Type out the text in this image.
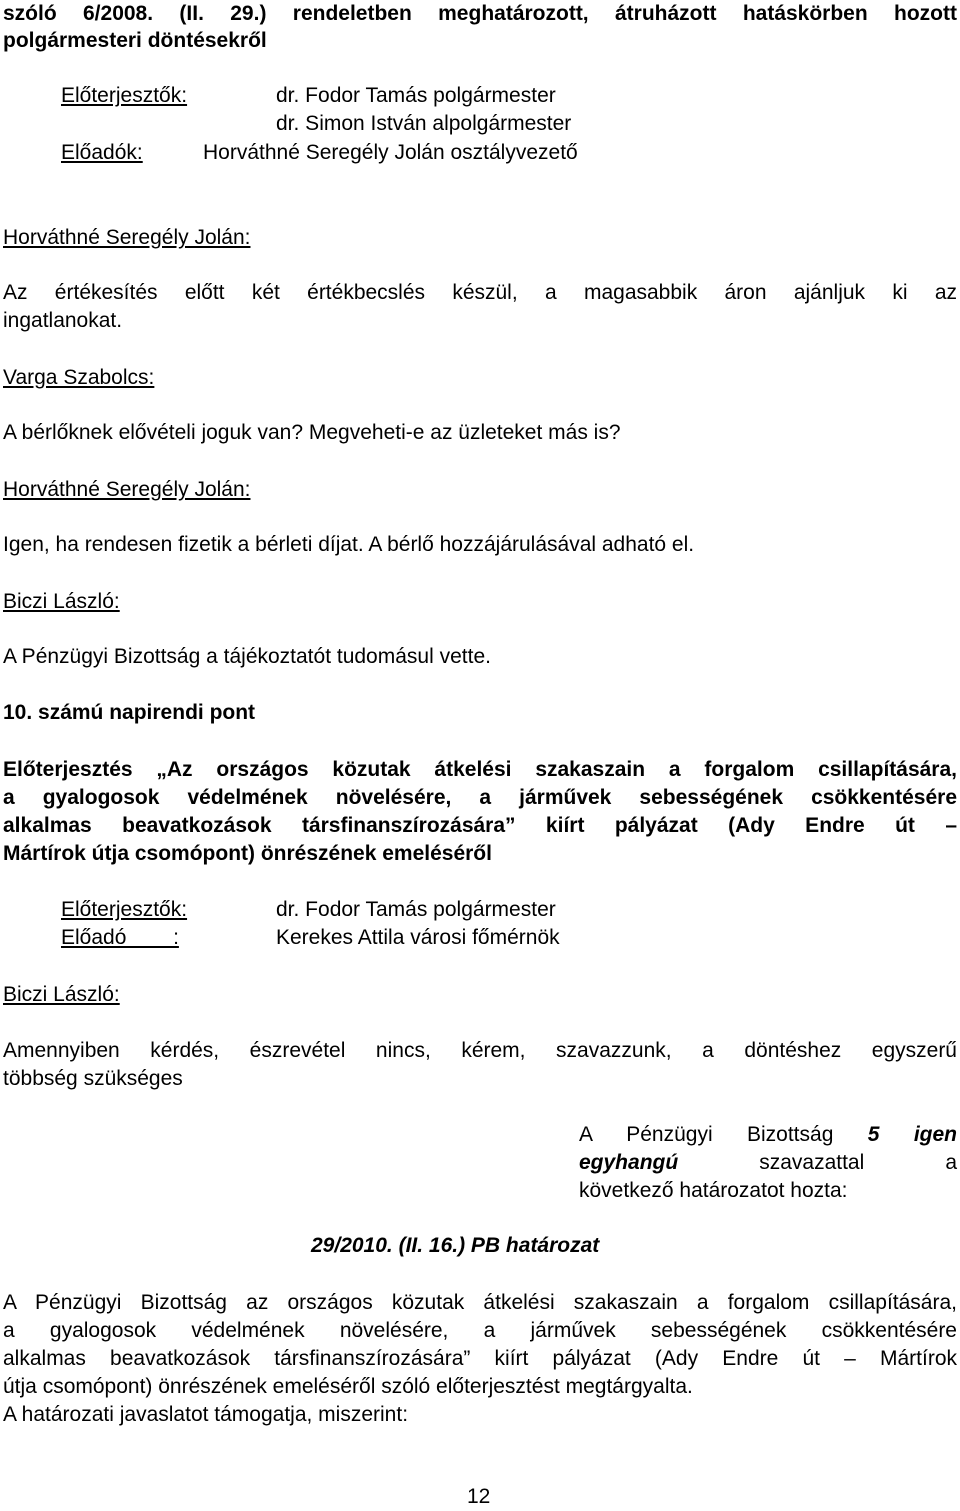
szóló 6/2008. (II. 29.) rendeletben meghatározott, átruházott hatáskörben hozott
polgármesteri döntésekről
Előterjesztők:	dr. Fodor Tamás polgármester
dr. Simon István alpolgármester
Előadók:	Horváthné Seregély Jolán osztályvezető
Horváthné Seregély Jolán:
Az értékesítés előtt két értékbecslés készül, a magasabbik áron ajánljuk ki az
ingatlanokat.
Varga Szabolcs:
A bérlőknek elővételi joguk van? Megveheti-e az üzleteket más is?
Horváthné Seregély Jolán:
Igen, ha rendesen fizetik a bérleti díjat. A bérlő hozzájárulásával adható el.
Biczi László:
A Pénzügyi Bizottság a tájékoztatót tudomásul vette.
10. számú napirendi pont
Előterjesztés „Az országos közutak átkelési szakaszain a forgalom csillapítására,
a gyalogosok védelmének növelésére, a járművek sebességének csökkentésére
alkalmas beavatkozások társfinanszírozására” kiírt pályázat (Ady Endre út –
Mártírok útja csomópont) önrészének emeléséről
Előterjesztők:	dr. Fodor Tamás polgármester
Előadó        :	Kerekes Attila városi főmérnök
Biczi László:
Amennyiben kérdés, észrevétel nincs, kérem, szavazzunk, a döntéshez egyszerű
többség szükséges
A Pénzügyi Bizottság 5 igen
egyhangú szavazattal a
következő határozatot hozta:
29/2010. (II. 16.) PB határozat
A Pénzügyi Bizottság az országos közutak átkelési szakaszain a forgalom csillapítására,
a gyalogosok védelmének növelésére, a járművek sebességének csökkentésére
alkalmas beavatkozások társfinanszírozására” kiírt pályázat (Ady Endre út – Mártírok
útja csomópont) önrészének emeléséről szóló előterjesztést megtárgyalta.
A határozati javaslatot támogatja, miszerint:
12
